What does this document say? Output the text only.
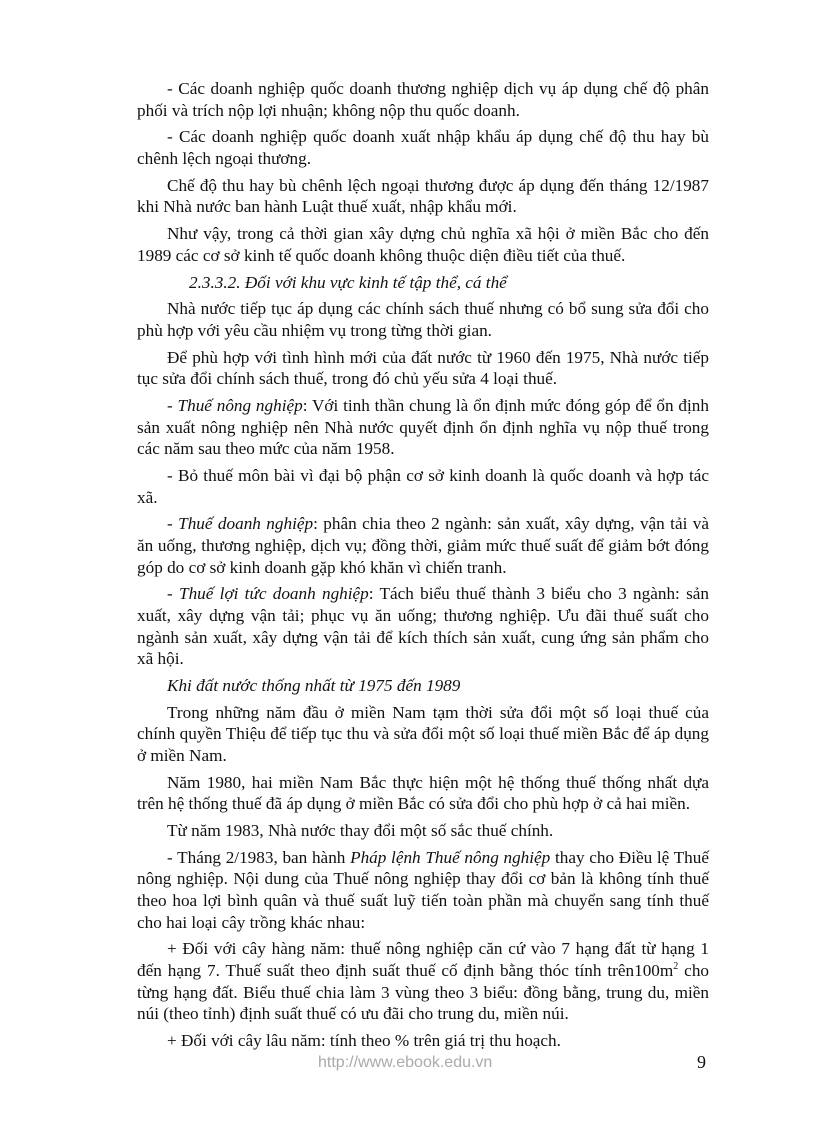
- Các doanh nghiệp quốc doanh thương nghiệp dịch vụ áp dụng chế độ phân phối và trích nộp lợi nhuận; không nộp thu quốc doanh.

- Các doanh nghiệp quốc doanh xuất nhập khẩu áp dụng chế độ thu hay bù chênh lệch ngoại thương.

Chế độ thu hay bù chênh lệch ngoại thương được áp dụng đến tháng 12/1987 khi Nhà nước ban hành Luật thuế xuất, nhập khẩu mới.

Như vậy, trong cả thời gian xây dựng chủ nghĩa xã hội ở miền Bắc cho đến 1989 các cơ sở kinh tế quốc doanh không thuộc diện điều tiết của thuế.

2.3.3.2. Đối với khu vực kinh tế tập thể, cá thể

Nhà nước tiếp tục áp dụng các chính sách thuế nhưng có bổ sung sửa đổi cho phù hợp với yêu cầu nhiệm vụ trong từng thời gian.

Để phù hợp với tình hình mới của đất nước từ 1960 đến 1975, Nhà nước tiếp tục sửa đổi chính sách thuế, trong đó chủ yếu sửa 4 loại thuế.

- Thuế nông nghiệp: Với tinh thần chung là ổn định mức đóng góp để ổn định sản xuất nông nghiệp nên Nhà nước quyết định ổn định nghĩa vụ nộp thuế trong các năm sau theo mức của năm 1958.

- Bỏ thuế môn bài vì đại bộ phận cơ sở kinh doanh là quốc doanh và hợp tác xã.

- Thuế doanh nghiệp: phân chia theo 2 ngành: sản xuất, xây dựng, vận tải và ăn uống, thương nghiệp, dịch vụ; đồng thời, giảm mức thuế suất để giảm bớt đóng góp do cơ sở kinh doanh gặp khó khăn vì chiến tranh.

- Thuế lợi tức doanh nghiệp: Tách biểu thuế thành 3 biểu cho 3 ngành: sản xuất, xây dựng vận tải; phục vụ ăn uống; thương nghiệp. Ưu đãi thuế suất cho ngành sản xuất, xây dựng vận tải để kích thích sản xuất, cung ứng sản phẩm cho xã hội.

Khi đất nước thống nhất từ 1975 đến 1989

Trong những năm đầu ở miền Nam tạm thời sửa đổi một số loại thuế của chính quyền Thiệu để tiếp tục thu và sửa đổi một số loại thuế miền Bắc để áp dụng ở miền Nam.

Năm 1980, hai miền Nam Bắc thực hiện một hệ thống thuế thống nhất dựa trên hệ thống thuế đã áp dụng ở miền Bắc có sửa đổi cho phù hợp ở cả hai miền.

Từ năm 1983, Nhà nước thay đổi một số sắc thuế chính.

- Tháng 2/1983, ban hành Pháp lệnh Thuế nông nghiệp thay cho Điều lệ Thuế nông nghiệp. Nội dung của Thuế nông nghiệp thay đổi cơ bản là không tính thuế theo hoa lợi bình quân và thuế suất luỹ tiến toàn phần mà chuyển sang tính thuế cho hai loại cây trồng khác nhau:

+ Đối với cây hàng năm: thuế nông nghiệp căn cứ vào 7 hạng đất từ hạng 1 đến hạng 7. Thuế suất theo định suất thuế cố định bằng thóc tính $trên100m^2$ cho từng hạng đất. Biểu thuế chia làm 3 vùng theo 3 biểu: đồng bằng, trung du, miền núi (theo tỉnh) định suất thuế có ưu đãi cho trung du, miền núi.

+ Đối với cây lâu năm: tính theo % trên giá trị thu hoạch.

http://www.ebook.edu.vn	9
